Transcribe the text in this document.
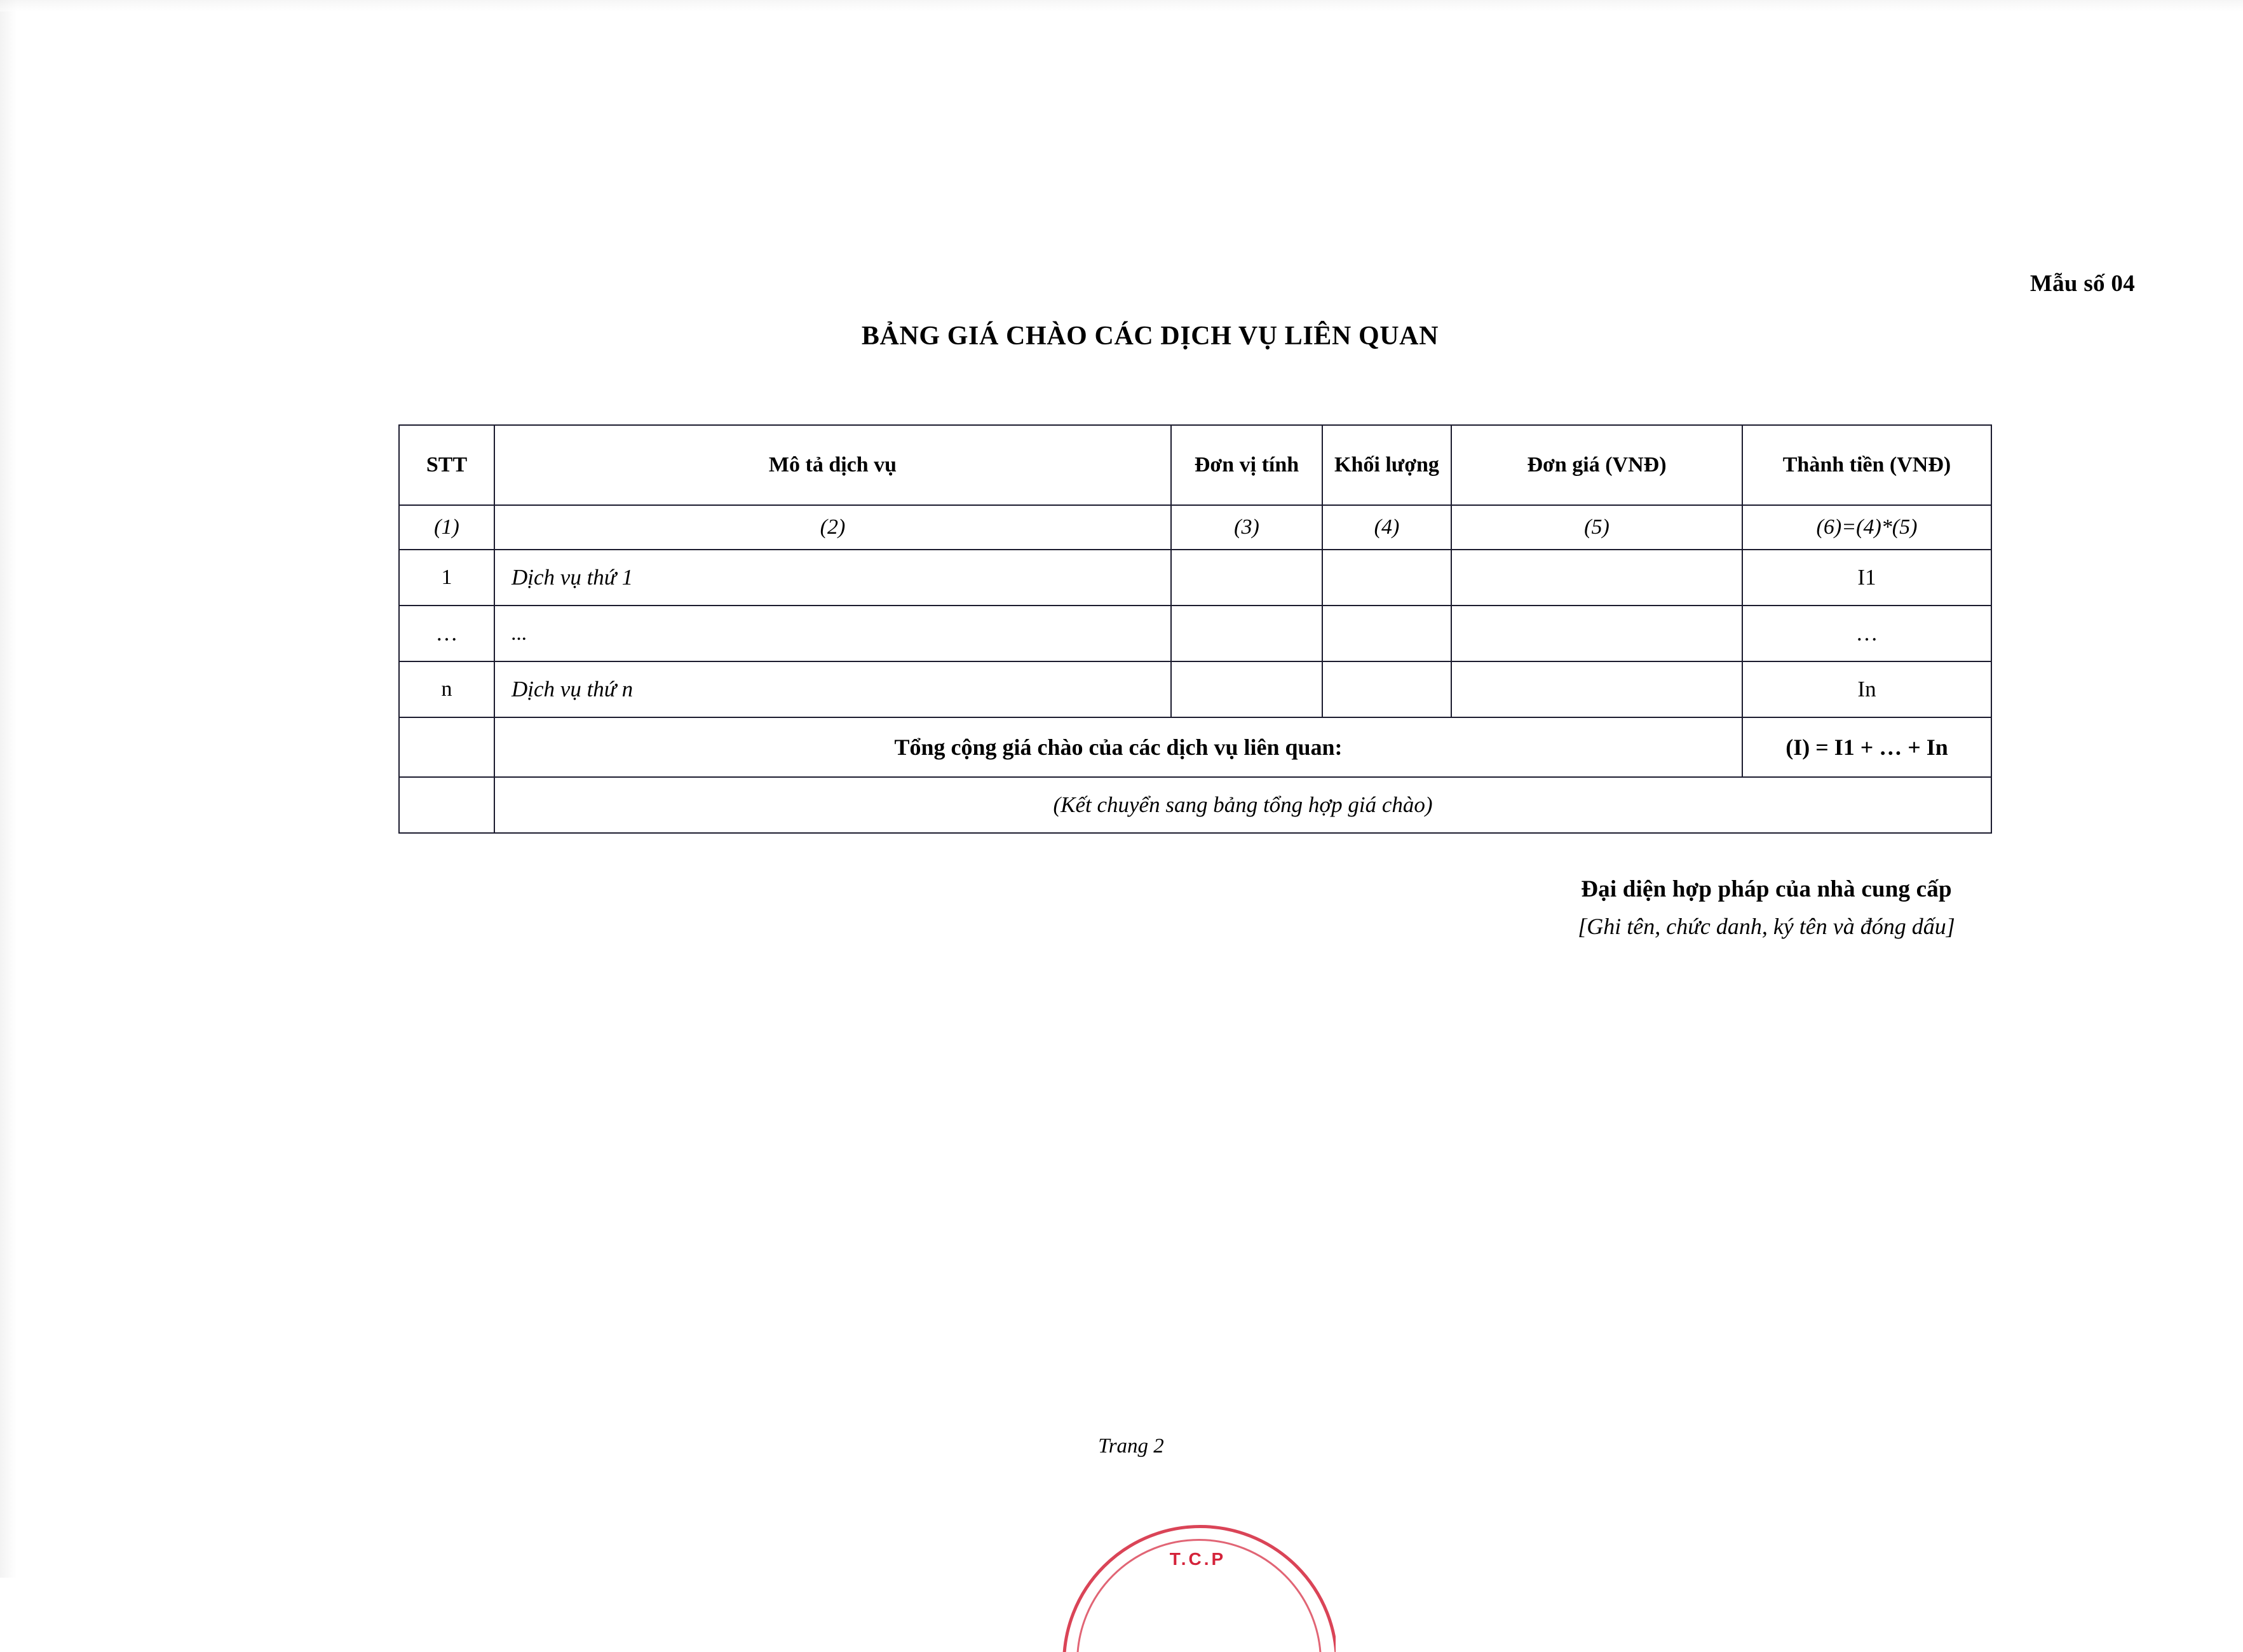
Mẫu số 04
BẢNG GIÁ CHÀO CÁC DỊCH VỤ LIÊN QUAN
STT	Mô tả dịch vụ	Đơn vị tính	Khối lượng	Đơn giá (VNĐ)	Thành tiền (VNĐ)
(1)	(2)	(3)	(4)	(5)	(6)=(4)*(5)
1	Dịch vụ thứ 1				I1
…	...				…
n	Dịch vụ thứ n				In
	Tổng cộng giá chào của các dịch vụ liên quan:				(I) = I1 + … + In
	(Kết chuyển sang bảng tổng hợp giá chào)				
Đại diện hợp pháp của nhà cung cấp
[Ghi tên, chức danh, ký tên và đóng dấu]
Trang 2
T.C.P
